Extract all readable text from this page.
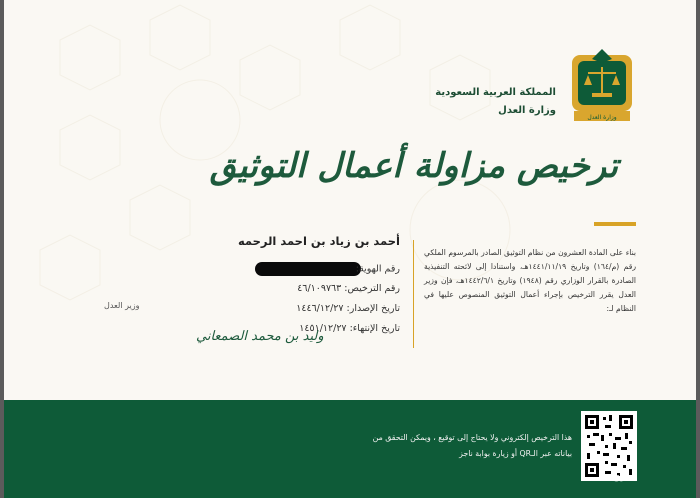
المملكة العربية السعودية
وزارة العدل
وزارة العدل
ترخيص مزاولة أعمال التوثيق
بناء على المادة العشرون من نظام التوثيق الصادر بالمرسوم الملكي رقم (م/١٦٤) وتاريخ ١٤٤١/١١/١٩هـ، واستنادا إلى لائحته التنفيذية الصادرة بالقرار الوزاري رقم (١٩٤٨) وتاريخ ١٤٤٢/٦/١هـ، فإن وزير العدل يقرر الترخيص بإجراء أعمال التوثيق المنصوص عليها في النظام لـ:
أحمد بن زياد بن احمد الرحمه
رقم الهوية:
رقم الترخيص: ٤٦/١٠٩٧٦٣
تاريخ الإصدار: ١٤٤٦/١٢/٢٧
تاريخ الإنتهاء: ١٤٥١/١٢/٢٧
وزير العدل
وليد بن محمد الصمعاني
هذا الترخيص إلكتروني ولا يحتاج إلى توقيع ، ويمكن التحقق من
بياناته عبر الـQR أو زيارة بوابة ناجز
حراج
